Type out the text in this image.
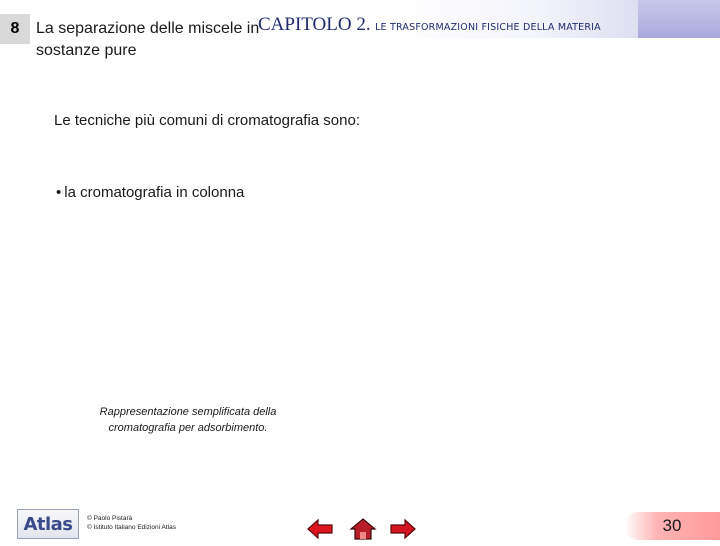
8 La separazione delle miscele in sostanze pure
CAPITOLO 2. LE TRASFORMAZIONI FISICHE DELLA MATERIA
Le tecniche più comuni di cromatografia sono:
• la cromatografia in colonna
Rappresentazione semplificata della cromatografia per adsorbimento.
Atlas © Paolo Pistarà
© Istituto Italiano Edizioni Atlas	30
